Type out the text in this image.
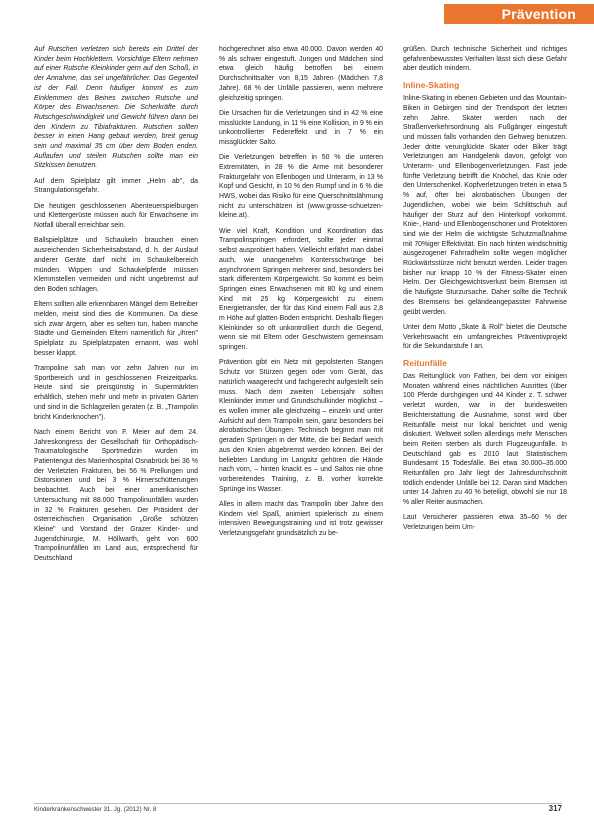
Prävention

Auf Rutschen verletzen sich bereits ein Drittel der Kinder beim Hochklettern. Vorsichtige Eltern nehmen auf einer Rutsche Kleinkinder gern auf den Schoß, in der Annahme, das sei ungefährlicher. Das Gegenteil ist der Fall. Denn häufiger kommt es zum Einklemmen des Beines zwischen Rutsche und Körper des Erwachsenen. Die Scherkräfte durch Rutschgeschwindigkeit und Gewicht führen dann bei den Kindern zu Tibiafrakturen. Rutschen sollten besser in einen Hang gebaut werden, breit genug sein und maximal 35 cm über dem Boden enden. Auflaufen und steilen Rutschen sollte man ein Sitzkissen benutzen.

Auf dem Spielplatz gilt immer „Helm ab", da Strangulationsgefahr.

Die heutigen geschlossenen Abenteuerspielburgen und Klettergerüste müssen auch für Erwachsene im Notfall überall erreichbar sein.

Ballspielplätze und Schaukeln brauchen einen ausreichenden Sicherheitsabstand, d. h. der Auslauf anderer Geräte darf nicht im Schaukelbereich münden. Wippen und Schaukelpferde müssen Klemmstellen vermeiden und nicht ungebremst auf den Boden schlagen.

Eltern sollten alle erkennbaren Mängel dem Betreiber melden, meist sind dies die Kommunen. Da diese sich zwar ärgern, aber es selten tun, haben manche Städte und Gemeinden Eltern namentlich für „ihren" Spielplatz zu Spielplatzpaten ernannt, was wohl besser klappt.

Trampoline sah man vor zehn Jahren nur im Sportbereich und in geschlossenen Freizeitparks. Heute sind sie preisgünstig in Supermärkten erhältlich, stehen mehr und mehr in privaten Gärten und sind in die Schlagzeilen geraten (z. B. „Trampolin bricht Kinderknochen").

Nach einem Bericht von F. Meier auf dem 24. Jahreskongress der Gesellschaft für Orthopädisch-Traumatologische Sportmedizin wurden im Patientengut des Marienhospital Osnabrück bei 36 % der Verletzten Frakturen, bei 56 % Prellungen und Distorsionen und bei 3 % Hirnerschütterungen beobachtet. Auch bei einer amerikanischen Untersuchung mit 88.000 Trampolinunfällen wurden in 32 % Frakturen gesehen. Der Präsident der österreichischen Organisation „Große schützen Kleine" und Vorstand der Grazer Kinder- und Jugendchirurgie, M. Höllwarth, geht von 600 Trampolinunfällen im Land aus, entsprechend für Deutschland

hochgerechnet also etwa 40.000. Davon werden 40 % als schwer eingestuft. Jungen und Mädchen sind etwa gleich häufig betroffen bei einem Durchschnittsalter von 8,15 Jahren (Mädchen 7,8 Jahre). 68 % der Unfälle passieren, wenn mehrere gleichzeitig springen.

Die Ursachen für die Verletzungen sind in 42 % eine misslückte Landung, in 11 % eine Kollision, in 9 % ein unkontrollierter Federeffekt und in 7 % ein missglückter Salto.

Die Verletzungen betreffen in 50 % die unteren Extremitäten, in 28 % die Arme mit besonderer Frakturgefahr von Ellenbogen und Unterarm, in 13 % Kopf und Gesicht, in 10 % den Rumpf und in 6 % die HWS, wobei das Risiko für eine Querschnittslähmung nicht zu unterschätzen ist (www.grosse-schuetzen-kleine.at).

Wie viel Kraft, Kondition und Koordination das Trampolinspringen erfordert, sollte jeder einmal selbst ausprobiert haben. Vielleicht erfährt man dabei auch, wie unangenehm Kontersschwünge bei asynchronem Springen mehrerer sind, besonders bei stark differentem Körpergewicht. So kommt es beim Springen eines Erwachsenen mit 80 kg und einem Kind mit 25 kg Körpergewicht zu einem Energietransfer, der für das Kind einem Fall aus 2,8 m Höhe auf glatten Boden entspricht. Deshalb fliegen Kleinkinder so oft unkontrolliert durch die Gegend, wenn sie mit Eltern oder Geschwistern gemeinsam springen.

Prävention gibt ein Netz mit gepolsterten Stangen Schutz vor Stürzen gegen oder vom Gerät, das natürlich waagerecht und fachgerecht aufgestellt sein muss. Nach dem zweiten Lebensjahr sollten Kleinkinder immer und Grundschulkinder möglichst – es wollen immer alle gleichzeitig – einzeln und unter Aufsicht auf dem Trampolin sein, ganz besonders bei akrobatischen Übungen. Technisch beginnt man mit geraden Sprüngen in der Mitte, die bei Bedarf weich aus den Knien abgebremst werden können. Bei der beliebten Landung im Langsitz gehören die Hände nach vorn, – hinten knackt es – und Saltos nie ohne vorbereitendes Training, z. B. vorher korrekte Sprünge ins Wasser.

Alles in allem macht das Trampolin über Jahre den Kindern viel Spaß, animiert spielerisch zu einem intensiven Bewegungstraining und ist trotz gewisser Verletzungsgefahr grundsätzlich zu be-

grüßen. Durch technische Sicherheit und richtiges gefahrenbewusstes Verhalten lässt sich diese Gefahr aber deutlich mindern.

Inline-Skating

Inline-Skating in ebenen Gebieten und das Mountain-Biken in Gebirgen sind der Trendsport der letzten zehn Jahre. Skater werden nach der Straßenverkehrsordnung als Fußgänger eingestuft und müssen falls vorhanden den Gehweg benutzen. Jeder dritte verunglückte Skater oder Biker trägt Verletzungen am Handgelenk davon, gefolgt von Unterarm- und Ellenbogenverletzungen. Fast jede fünfte Verletzung betrifft die Knöchel, das Knie oder den Unterschenkel. Kopfverletzungen treten in etwa 5 % auf, öfter bei akrobatischen Übungen der Jugendlichen, wobei wie beim Schlittschuh auf häufiger der Sturz auf den Hinterkopf vorkommt. Knie-, Hand- und Ellenbogenschoner und Protektoren sind wie der Helm die wichtigste Schutzmaßnahme mit 70%iger Effektivität. Ein nach hinten windschnittig ausgezogener Fahrradhelm sollte wegen möglicher Rückwärtsstürze nicht benutzt werden. Leider tragen bisher nur knapp 10 % der Fitness-Skater einen Helm. Der Gleichgewichtsverlust beim Bremsen ist die häufigste Sturzursache. Daher sollte die Technik des Bremsens bei geländeangepasster Fahrweise geübt werden.

Unter dem Motto „Skate & Roll" bietet die Deutsche Verkehrswacht ein umfangreiches Präventivprojekt für die Sekundarstufe I an.

Reitunfälle

Das Reitunglück von Fathen, bei dem vor einigen Monaten während eines nächtlichen Ausrittes (über 100 Pferde durchgingen und 44 Kinder z. T. schwer verletzt wurden, war in der bundesweiten Berichterstattung die Ausnahme, sonst wird über Reitunfälle meist nur lokal berichtet und wenig diskutiert. Weltweit sollen allerdings mehr Menschen beim Reiten sterben als durch Flugzeugunfälle. In Deutschland gab es 2010 laut Statistischem Bundesamt 15 Todesfälle. Bei etwa 30.000–35.000 Reitunfällen pro Jahr liegt der Jahresdurchschnitt tödlich endender Unfälle bei 12. Daran sind Mädchen unter 14 Jahren zu 40 % beteiligt, obwohl sie nur 18 % aller Reiter ausmachen.

Laut Versicherer passieren etwa 35–60 % der Verletzungen beim Um-

Kinderkrankenschwester 31. Jg. (2012) Nr. 8	317
